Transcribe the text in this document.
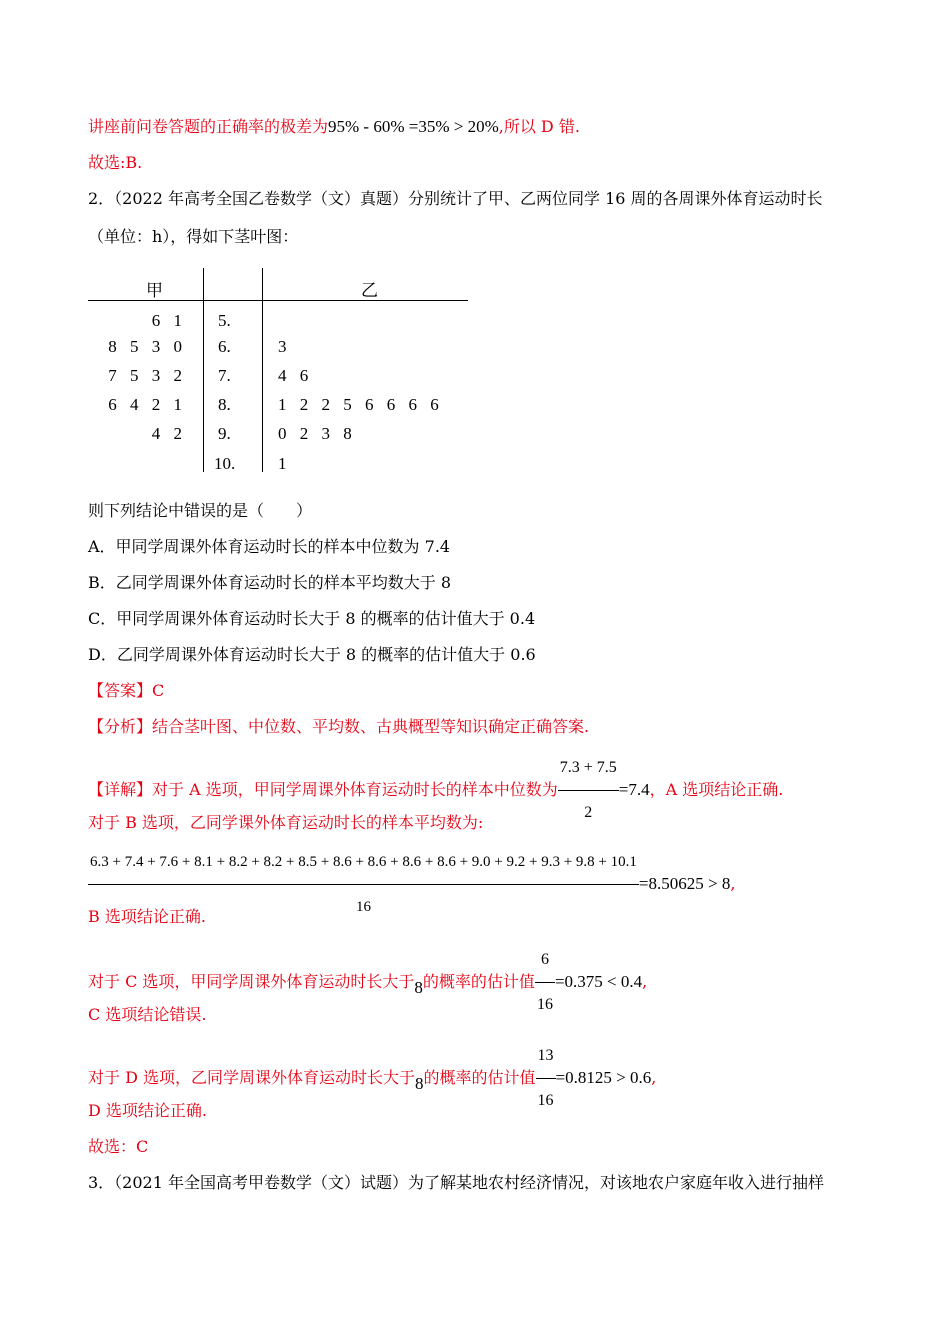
讲座前问卷答题的正确率的极差为95% - 60% =35% > 20%,所以 D 错.
故选:B.
2．（2022 年高考全国乙卷数学（文）真题）分别统计了甲、乙两位同学 16 周的各周课外体育运动时长
（单位：h），得如下茎叶图：
甲	乙
6 1 5.
8 5 3 0 6.	3
7 5 3 2 7.	4 6
6 4 2 1 8.	1 2 2 5 6 6 6 6
4 2 9.	0 2 3 8
10.	1
则下列结论中错误的是（　　）
A．甲同学周课外体育运动时长的样本中位数为 7.4
B．乙同学周课外体育运动时长的样本平均数大于 8
C．甲同学周课外体育运动时长大于 8 的概率的估计值大于 0.4
D．乙同学周课外体育运动时长大于 8 的概率的估计值大于 0.6
【答案】C
【分析】结合茎叶图、中位数、平均数、古典概型等知识确定正确答案.
【详解】对于 A 选项，甲同学周课外体育运动时长的样本中位数为 $\frac{7.3 + 7.5}{2} =7.4$，A 选项结论正确.
对于 B 选项，乙同学课外体育运动时长的样本平均数为:
6.3 + 7.4 + 7.6 + 8.1 + 8.2 + 8.2 + 8.5 + 8.6 + 8.6 + 8.6 + 8.6 + 9.0 + 9.2 + 9.3 + 9.8 + 10.1
16
=8.50625 > 8,
B 选项结论正确.
对于 C 选项，甲同学周课外体育运动时长大于8的概率的估计值 $\frac{6}{16} =0.375 < 0.4$,
C 选项结论错误.
对于 D 选项，乙同学周课外体育运动时长大于8的概率的估计值 $\frac{13}{16} =0.8125 > 0.6$,
D 选项结论正确.
故选：C
3．（2021 年全国高考甲卷数学（文）试题）为了解某地农村经济情况，对该地农户家庭年收入进行抽样
